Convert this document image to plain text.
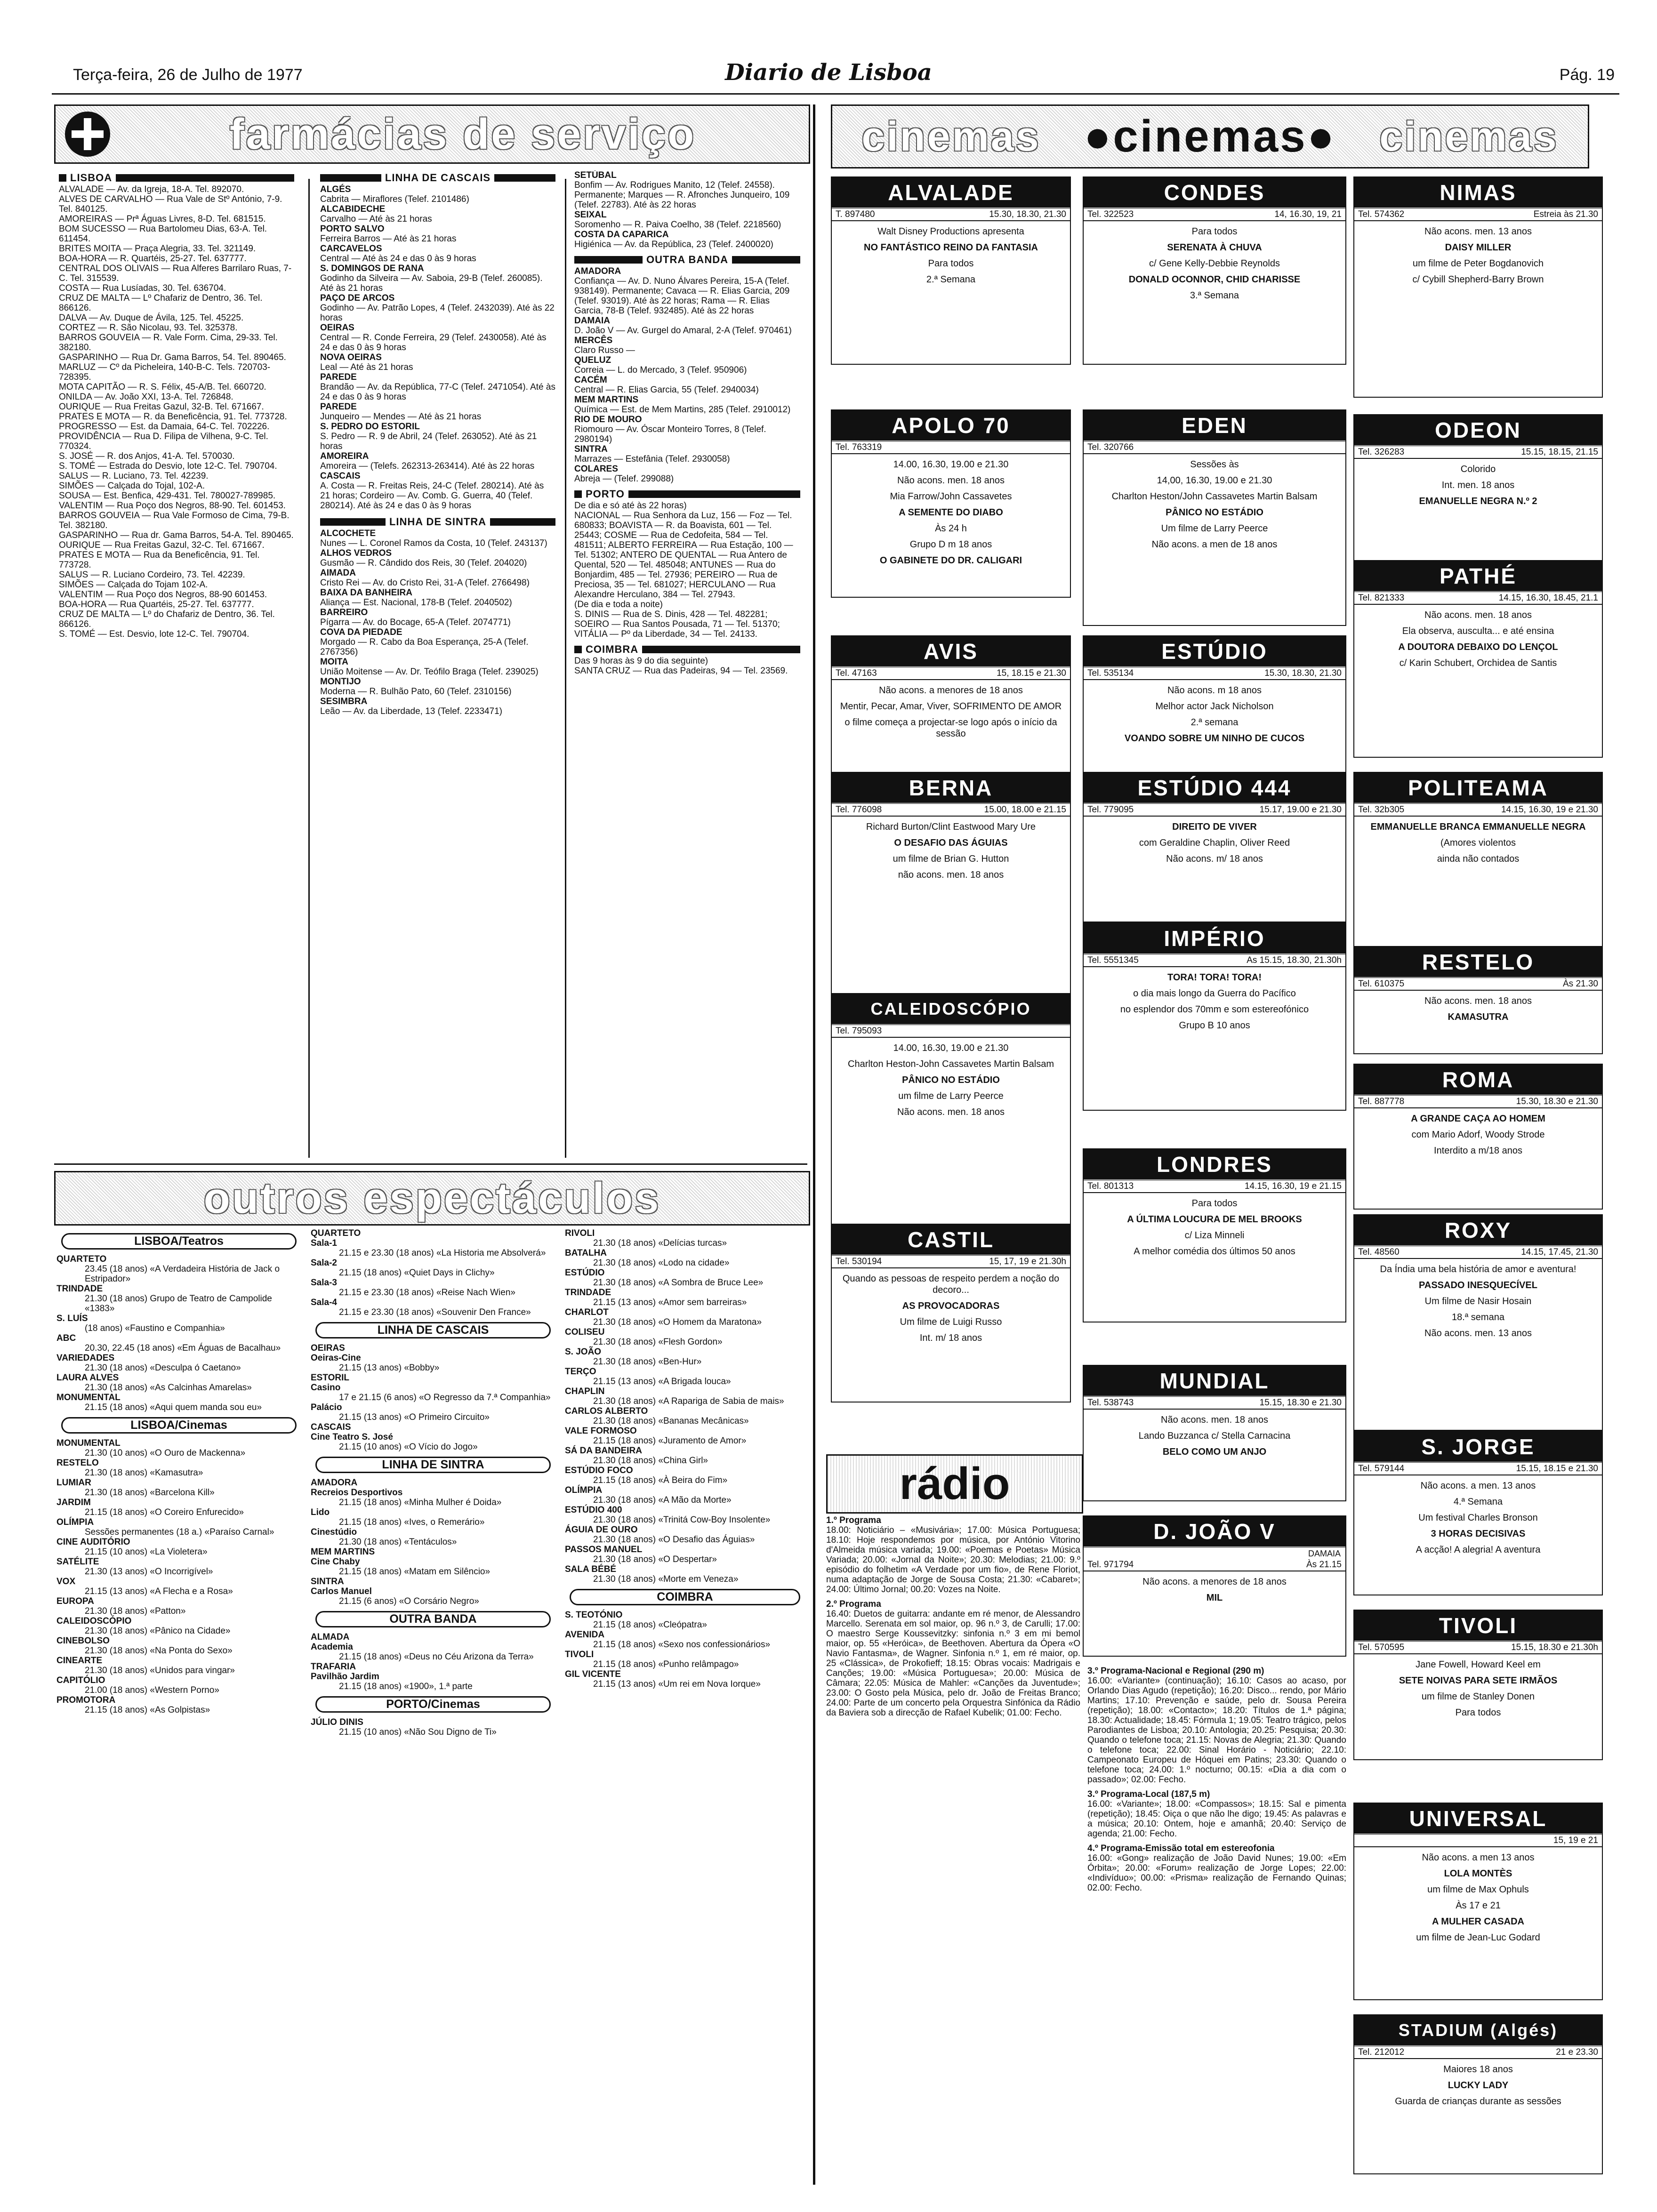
Terça-feira, 26 de Julho de 1977	Diario de Lisboa	Pág. 19
farmácias de serviço
LISBOA
ALVALADE — Av. da Igreja, 18-A. Tel. 892070.
ALVES DE CARVALHO — Rua Vale de Stº António, 7-9. Tel. 840125.
AMOREIRAS — Prª Águas Livres, 8-D. Tel. 681515.
BOM SUCESSO — Rua Bartolomeu Dias, 63-A. Tel. 611454.
BRITES MOITA — Praça Alegria, 33. Tel. 321149.
BOA-HORA — R. Quartéis, 25-27. Tel. 637777.
CENTRAL DOS OLIVAIS — Rua Alferes Barrilaro Ruas, 7-C. Tel. 315539.
COSTA — Rua Lusíadas, 30. Tel. 636704.
CRUZ DE MALTA — Lº Chafariz de Dentro, 36. Tel. 866126.
DALVA — Av. Duque de Ávila, 125. Tel. 45225.
CORTEZ — R. São Nicolau, 93. Tel. 325378.
BARROS GOUVEIA — R. Vale Form. Cima, 29-33. Tel. 382180.
GASPARINHO — Rua Dr. Gama Barros, 54. Tel. 890465.
MARLUZ — Cº da Picheleira, 140-B-C. Tels. 720703-728395.
MOTA CAPITÃO — R. S. Félix, 45-A/B. Tel. 660720.
ONILDA — Av. João XXI, 13-A. Tel. 726848.
OURIQUE — Rua Freitas Gazul, 32-B. Tel. 671667.
PRATES E MOTA — R. da Beneficência, 91. Tel. 773728.
PROGRESSO — Est. da Damaia, 64-C. Tel. 702226.
PROVIDÊNCIA — Rua D. Filipa de Vilhena, 9-C. Tel. 770324.
S. JOSÉ — R. dos Anjos, 41-A. Tel. 570030.
S. TOMÉ — Estrada do Desvio, lote 12-C. Tel. 790704.
SALUS — R. Luciano, 73. Tel. 42239.
SIMÕES — Calçada do Tojal, 102-A.
SOUSA — Est. Benfica, 429-431. Tel. 780027-789985.
VALENTIM — Rua Poço dos Negros, 88-90. Tel. 601453.
BARROS GOUVEIA — Rua Vale Formoso de Cima, 79-B. Tel. 382180.
GASPARINHO — Rua dr. Gama Barros, 54-A. Tel. 890465.
OURIQUE — Rua Freitas Gazul, 32-C. Tel. 671667.
PRATES E MOTA — Rua da Beneficência, 91. Tel. 773728.
SALUS — R. Luciano Cordeiro, 73. Tel. 42239.
SIMÕES — Calçada do Tojam 102-A.
VALENTIM — Rua Poço dos Negros, 88-90 601453.
BOA-HORA — Rua Quartéis, 25-27. Tel. 637777.
CRUZ DE MALTA — Lº do Chafariz de Dentro, 36. Tel. 866126.
S. TOMÉ — Est. Desvio, lote 12-C. Tel. 790704.
LINHA DE CASCAIS
ALGÉS
Cabrita — Miraflores (Telef. 2101486)
ALCABIDECHE
Carvalho — Até às 21 horas
PORTO SALVO
Ferreira Barros — Até às 21 horas
CARCAVELOS
Central — Até às 24 e das 0 às 9 horas
S. DOMINGOS DE RANA
Godinho da Silveira — Av. Saboia, 29-B (Telef. 260085). Até às 21 horas
PAÇO DE ARCOS
Godinho — Av. Patrão Lopes, 4 (Telef. 2432039). Até às 22 horas
OEIRAS
Central — R. Conde Ferreira, 29 (Telef. 2430058). Até às 24 e das 0 às 9 horas
NOVA OEIRAS
Leal — Até às 21 horas
PAREDE
Brandão — Av. da República, 77-C (Telef. 2471054). Até às 24 e das 0 às 9 horas
PAREDE
Junqueiro — Mendes — Até às 21 horas
S. PEDRO DO ESTORIL
S. Pedro — R. 9 de Abril, 24 (Telef. 263052). Até às 21 horas
AMOREIRA
Amoreira — (Telefs. 262313-263414). Até às 22 horas
CASCAIS
A. Costa — R. Freitas Reis, 24-C (Telef. 280214). Até às 21 horas; Cordeiro — Av. Comb. G. Guerra, 40 (Telef. 280214). Até às 24 e das 0 às 9 horas
LINHA DE SINTRA
ALCOCHETE
Nunes — L. Coronel Ramos da Costa, 10 (Telef. 243137)
ALHOS VEDROS
Gusmão — R. Cândido dos Reis, 30 (Telef. 204020)
AIMADA
Cristo Rei — Av. do Cristo Rei, 31-A (Telef. 2766498)
BAIXA DA BANHEIRA
Aliança — Est. Nacional, 178-B (Telef. 2040502)
BARREIRO
Pígarra — Av. do Bocage, 65-A (Telef. 2074771)
COVA DA PIEDADE
Morgado — R. Cabo da Boa Esperança, 25-A (Telef. 2767356)
MOITA
União Moitense — Av. Dr. Teófilo Braga (Telef. 239025)
MONTIJO
Moderna — R. Bulhão Pato, 60 (Telef. 2310156)
SESIMBRA
Leão — Av. da Liberdade, 13 (Telef. 2233471)
SETÚBAL
Bonfim — Av. Rodrigues Manito, 12 (Telef. 24558). Permanente; Marques — R. Afronches Junqueiro, 109 (Telef. 22783). Até às 22 horas
SEIXAL
Soromenho — R. Paiva Coelho, 38 (Telef. 2218560)
COSTA DA CAPARICA
Higiénica — Av. da República, 23 (Telef. 2400020)
OUTRA BANDA
AMADORA
Confiança — Av. D. Nuno Álvares Pereira, 15-A (Telef. 938149). Permanente; Cavaca — R. Elias Garcia, 209 (Telef. 93019). Até às 22 horas; Rama — R. Elias Garcia, 78-B (Telef. 932485). Até às 22 horas
DAMAIA
D. João V — Av. Gurgel do Amaral, 2-A (Telef. 970461)
MERCÊS
Claro Russo —
QUELUZ
Correia — L. do Mercado, 3 (Telef. 950906)
CACÉM
Central — R. Elias Garcia, 55 (Telef. 2940034)
MEM MARTINS
Química — Est. de Mem Martins, 285 (Telef. 2910012)
RIO DE MOURO
Riomouro — Av. Óscar Monteiro Torres, 8 (Telef. 2980194)
SINTRA
Marrazes — Estefânia (Telef. 2930058)
COLARES
Abreja — (Telef. 299088)
PORTO
De dia e só até às 22 horas)
NACIONAL — Rua Senhora da Luz, 156 — Foz — Tel. 680833; BOAVISTA — R. da Boavista, 601 — Tel. 25443; COSME — Rua de Cedofeita, 584 — Tel. 481511; ALBERTO FERREIRA — Rua Estação, 100 — Tel. 51302; ANTERO DE QUENTAL — Rua Antero de Quental, 520 — Tel. 485048; ANTUNES — Rua do Bonjardim, 485 — Tel. 27936; PEREIRO — Rua de Preciosa, 35 — Tel. 681027; HERCULANO — Rua Alexandre Herculano, 384 — Tel. 27943.
(De dia e toda a noite)
S. DINIS — Rua de S. Dinis, 428 — Tel. 482281; SOEIRO — Rua Santos Pousada, 71 — Tel. 51370; VITÁLIA — Pº da Liberdade, 34 — Tel. 24133.
COIMBRA
Das 9 horas às 9 do dia seguinte)
SANTA CRUZ — Rua das Padeiras, 94 — Tel. 23569.
outros espectáculos
LISBOA/Teatros
QUARTETO
23.45 (18 anos) «A Verdadeira História de Jack o Estripador»
TRINDADE
21.30 (18 anos) Grupo de Teatro de Campolide «1383»
S. LUÍS
(18 anos) «Faustino e Companhia»
ABC
20.30, 22.45 (18 anos) «Em Águas de Bacalhau»
VARIEDADES
21.30 (18 anos) «Desculpa ó Caetano»
LAURA ALVES
21.30 (18 anos) «As Calcinhas Amarelas»
MONUMENTAL
21.15 (18 anos) «Aqui quem manda sou eu»
LISBOA/Cinemas
MONUMENTAL
21.30 (10 anos) «O Ouro de Mackenna»
RESTELO
21.30 (18 anos) «Kamasutra»
LUMIAR
21.30 (18 anos) «Barcelona Kill»
JARDIM
21.15 (18 anos) «O Coreiro Enfurecido»
OLÍMPIA
Sessões permanentes (18 a.) «Paraíso Carnal»
CINE AUDITÓRIO
21.15 (10 anos) «La Violetera»
SATÉLITE
21.30 (13 anos) «O Incorrigível»
VOX
21.15 (13 anos) «A Flecha e a Rosa»
EUROPA
21.30 (18 anos) «Patton»
CALEIDOSCÓPIO
21.30 (18 anos) «Pânico na Cidade»
CINEBOLSO
21.30 (18 anos) «Na Ponta do Sexo»
CINEARTE
21.30 (18 anos) «Unidos para vingar»
CAPITÓLIO
21.00 (18 anos) «Western Porno»
PROMOTORA
21.15 (18 anos) «As Golpistas»
QUARTETO
Sala-1
21.15 e 23.30 (18 anos) «La Historia me Absolverá»
Sala-2
21.15 (18 anos) «Quiet Days in Clichy»
Sala-3
21.15 e 23.30 (18 anos) «Reise Nach Wien»
Sala-4
21.15 e 23.30 (18 anos) «Souvenir Den France»
LINHA DE CASCAIS
OEIRAS
Oeiras-Cine
21.15 (13 anos) «Bobby»
ESTORIL
Casino
17 e 21.15 (6 anos) «O Regresso da 7.ª Companhia»
Palácio
21.15 (13 anos) «O Primeiro Circuito»
CASCAIS
Cine Teatro S. José
21.15 (10 anos) «O Vício do Jogo»
LINHA DE SINTRA
AMADORA
Recreios Desportivos
21.15 (18 anos) «Minha Mulher é Doida»
Lido
21.15 (18 anos) «Ives, o Remerário»
Cinestúdio
21.30 (18 anos) «Tentáculos»
MEM MARTINS
Cine Chaby
21.15 (18 anos) «Matam em Silêncio»
SINTRA
Carlos Manuel
21.15 (6 anos) «O Corsário Negro»
OUTRA BANDA
ALMADA
Academia
21.15 (18 anos) «Deus no Céu Arizona da Terra»
TRAFARIA
Pavilhão Jardim
21.15 (18 anos) «1900», 1.ª parte
PORTO/Cinemas
JÚLIO DINIS
21.15 (10 anos) «Não Sou Digno de Ti»
RIVOLI
21.30 (18 anos) «Delícias turcas»
BATALHA
21.30 (18 anos) «Lodo na cidade»
ESTÚDIO
21.30 (18 anos) «A Sombra de Bruce Lee»
TRINDADE
21.15 (13 anos) «Amor sem barreiras»
CHARLOT
21.30 (18 anos) «O Homem da Maratona»
COLISEU
21.30 (18 anos) «Flesh Gordon»
S. JOÃO
21.30 (18 anos) «Ben-Hur»
TERÇO
21.15 (13 anos) «A Brigada louca»
CHAPLIN
21.30 (18 anos) «A Rapariga de Sabia de mais»
CARLOS ALBERTO
21.30 (18 anos) «Bananas Mecânicas»
VALE FORMOSO
21.15 (18 anos) «Juramento de Amor»
SÁ DA BANDEIRA
21.30 (18 anos) «China Girl»
ESTÚDIO FOCO
21.15 (18 anos) «À Beira do Fim»
OLÍMPIA
21.30 (18 anos) «A Mão da Morte»
ESTÚDIO 400
21.30 (18 anos) «Trinitá Cow-Boy Insolente»
ÁGUIA DE OURO
21.30 (18 anos) «O Desafio das Águias»
PASSOS MANUEL
21.30 (18 anos) «O Despertar»
SALA BÉBÉ
21.30 (18 anos) «Morte em Veneza»
COIMBRA
S. TEOTÓNIO
21.15 (18 anos) «Cleópatra»
AVENIDA
21.15 (18 anos) «Sexo nos confessionários»
TIVOLI
21.15 (18 anos) «Punho relâmpago»
GIL VICENTE
21.15 (13 anos) «Um rei em Nova Iorque»
cinemas ●cinemas●	cinemas
ALVALADE
T. 897480	15.30, 18.30, 21.30

Walt Disney Productions apresenta

NO FANTÁSTICO REINO DA FANTASIA

Para todos

2.ª Semana

APOLO 70
Tel. 763319

14.00, 16.30, 19.00 e 21.30

Não acons. men. 18 anos

Mia Farrow/John Cassavetes

A SEMENTE DO DIABO

Às 24 h

Grupo D m 18 anos

O GABINETE DO DR. CALIGARI

AVIS
Tel. 47163	15, 18.15 e 21.30

Não acons. a menores de 18 anos

Mentir, Pecar, Amar, Viver, SOFRIMENTO DE AMOR

o filme começa a projectar-se logo após o início da sessão

BERNA
Tel. 776098	15.00, 18.00 e 21.15

Richard Burton/Clint Eastwood Mary Ure

O DESAFIO DAS ÁGUIAS

um filme de Brian G. Hutton

não acons. men. 18 anos

CALEIDOSCÓPIO
Tel. 795093

14.00, 16.30, 19.00 e 21.30

Charlton Heston-John Cassavetes Martin Balsam

PÂNICO NO ESTÁDIO

um filme de Larry Peerce

Não acons. men. 18 anos

CASTIL
Tel. 530194	15, 17, 19 e 21.30h

Quando as pessoas de respeito perdem a noção do decoro...

AS PROVOCADORAS

Um filme de Luigi Russo

Int. m/ 18 anos

CONDES
Tel. 322523	14, 16.30, 19, 21

Para todos

SERENATA À CHUVA

c/ Gene Kelly-Debbie Reynolds

DONALD OCONNOR, CHID CHARISSE

3.ª Semana

EDEN
Tel. 320766

Sessões às

14,00, 16.30, 19.00 e 21.30

Charlton Heston/John Cassavetes Martin Balsam

PÂNICO NO ESTÁDIO

Um filme de Larry Peerce

Não acons. a men de 18 anos

ESTÚDIO
Tel. 535134	15.30, 18.30, 21.30

Não acons. m 18 anos

Melhor actor Jack Nicholson

2.ª semana

VOANDO SOBRE UM NINHO DE CUCOS

ESTÚDIO 444
Tel. 779095	15.17, 19.00 e 21.30

DIREITO DE VIVER

com Geraldine Chaplin, Oliver Reed

Não acons. m/ 18 anos

IMPÉRIO
Tel. 5551345	As 15.15, 18.30, 21.30h

TORA! TORA! TORA!

o dia mais longo da Guerra do Pacífico

no esplendor dos 70mm e som estereofónico

Grupo B 10 anos

LONDRES
Tel. 801313	14.15, 16.30, 19 e 21.15

Para todos

A ÚLTIMA LOUCURA DE MEL BROOKS

c/ Liza Minneli

A melhor comédia dos últimos 50 anos

MUNDIAL
Tel. 538743	15.15, 18.30 e 21.30

Não acons. men. 18 anos

Lando Buzzanca c/ Stella Carnacina

BELO COMO UM ANJO

D. JOÃO V
DAMAIA
Tel. 971794	Às 21.15

Não acons. a menores de 18 anos

MIL

NIMAS
Tel. 574362	Estreia às 21.30

Não acons. men. 13 anos

DAISY MILLER

um filme de Peter Bogdanovich

c/ Cybill Shepherd-Barry Brown

ODEON
Tel. 326283	15.15, 18.15, 21.15

Colorido

Int. men. 18 anos

EMANUELLE NEGRA N.º 2

PATHÉ
Tel. 821333	14.15, 16.30, 18.45, 21.1

Não acons. men. 18 anos

Ela observa, ausculta... e até ensina

A DOUTORA DEBAIXO DO LENÇOL

c/ Karin Schubert, Orchidea de Santis

POLITEAMA
Tel. 32b305	14.15, 16.30, 19 e 21.30

EMMANUELLE BRANCA EMMANUELLE NEGRA

(Amores violentos

ainda não contados

RESTELO
Tel. 610375	Às 21.30

Não acons. men. 18 anos

KAMASUTRA

ROMA
Tel. 887778	15.30, 18.30 e 21.30

A GRANDE CAÇA AO HOMEM

com Mario Adorf, Woody Strode

Interdito a m/18 anos

ROXY
Tel. 48560	14.15, 17.45, 21.30

Da Índia uma bela história de amor e aventura!

PASSADO INESQUECÍVEL

Um filme de Nasir Hosain

18.ª semana

Não acons. men. 13 anos

S. JORGE
Tel. 579144	15.15, 18.15 e 21.30

Não acons. a men. 13 anos

4.ª Semana

Um festival Charles Bronson

3 HORAS DECISIVAS

A acção! A alegria! A aventura

TIVOLI
Tel. 570595	15.15, 18.30 e 21.30h

Jane Fowell, Howard Keel em

SETE NOIVAS PARA SETE IRMÃOS

um filme de Stanley Donen

Para todos

UNIVERSAL
15, 19 e 21

Não acons. a men 13 anos

LOLA MONTÈS

um filme de Max Ophuls

Às 17 e 21

A MULHER CASADA

um filme de Jean-Luc Godard

STADIUM (Algés)
Tel. 212012	21 e 23.30

Maiores 18 anos

LUCKY LADY

Guarda de crianças durante as sessões

rádio
1.º Programa
18.00: Noticiário – «Musivária»; 17.00: Música Portuguesa; 18.10: Hoje respondemos por música, por António Vitorino d'Almeida música variada; 19.00: «Poemas e Poetas» Música Variada; 20.00: «Jornal da Noite»; 20.30: Melodias; 21.00: 9.º episódio do folhetim «A Verdade por um fio», de Rene Floriot, numa adaptação de Jorge de Sousa Costa; 21.30: «Cabaret»; 24.00: Último Jornal; 00.20: Vozes na Noite.
2.º Programa
16.40: Duetos de guitarra: andante em ré menor, de Alessandro Marcello. Serenata em sol maior, op. 96 n.º 3, de Carulli; 17.00: O maestro Serge Koussevitzky: sinfonia n.º 3 em mi bemol maior, op. 55 «Heróica», de Beethoven. Abertura da Ópera «O Navio Fantasma», de Wagner. Sinfonia n.º 1, em ré maior, op. 25 «Clássica», de Prokofieff; 18.15: Obras vocais: Madrigais e Canções; 19.00: «Música Portuguesa»; 20.00: Música de Câmara; 22.05: Música de Mahler: «Canções da Juventude»; 23.00: O Gosto pela Música, pelo dr. João de Freitas Branco; 24.00: Parte de um concerto pela Orquestra Sinfónica da Rádio da Baviera sob a direcção de Rafael Kubelik; 01.00: Fecho.
3.º Programa-Nacional e Regional (290 m)
16.00: «Variante» (continuação); 16.10: Casos ao acaso, por Orlando Dias Agudo (repetição); 16.20: Disco... rendo, por Mário Martins; 17.10: Prevenção e saúde, pelo dr. Sousa Pereira (repetição); 18.00: «Contacto»; 18.20: Títulos de 1.ª página; 18.30: Actualidade; 18.45: Fórmula 1; 19.05: Teatro trágico, pelos Parodiantes de Lisboa; 20.10: Antologia; 20.25: Pesquisa; 20.30: Quando o telefone toca; 21.15: Novas de Alegria; 21.30: Quando o telefone toca; 22.00: Sinal Horário - Noticiário; 22.10: Campeonato Europeu de Hóquei em Patins; 23.30: Quando o telefone toca; 24.00: 1.º nocturno; 00.15: «Dia a dia com o passado»; 02.00: Fecho.
3.º Programa-Local (187,5 m)
16.00: «Variante»; 18.00: «Compassos»; 18.15: Sal e pimenta (repetição); 18.45: Oiça o que não lhe digo; 19.45: As palavras e a música; 20.10: Ontem, hoje e amanhã; 20.40: Serviço de agenda; 21.00: Fecho.
4.º Programa-Emissão total em estereofonia
16.00: «Gong» realização de João David Nunes; 19.00: «Em Órbita»; 20.00: «Forum» realização de Jorge Lopes; 22.00: «Indivíduo»; 00.00: «Prisma» realização de Fernando Quinas; 02.00: Fecho.
